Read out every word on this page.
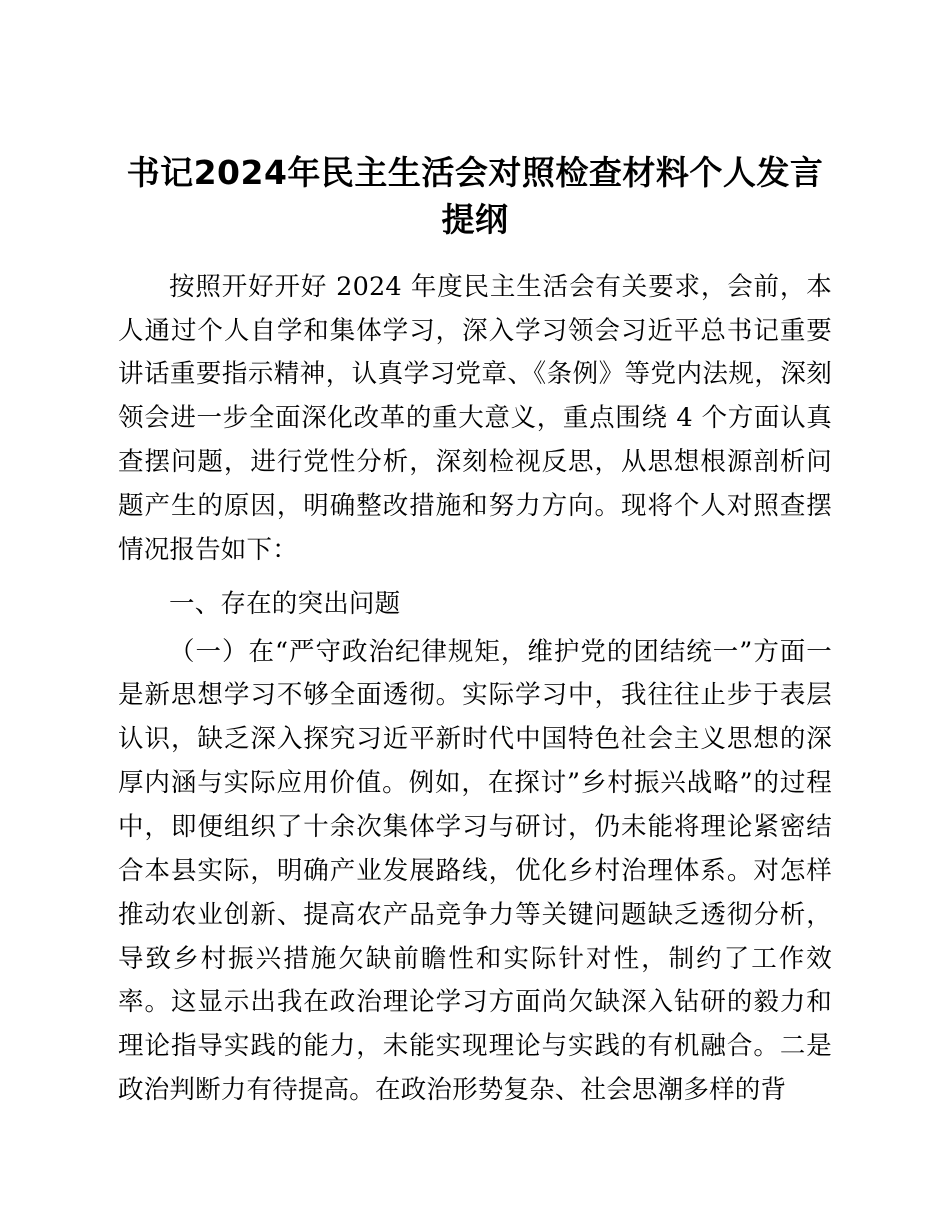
书记2024年民主生活会对照检查材料个人发言提纲

按照开好开好 2024 年度民主生活会有关要求，会前，本人通过个人自学和集体学习，深入学习领会习近平总书记重要讲话重要指示精神，认真学习党章、《条例》等党内法规，深刻领会进一步全面深化改革的重大意义，重点围绕 4 个方面认真查摆问题，进行党性分析，深刻检视反思，从思想根源剖析问题产生的原因，明确整改措施和努力方向。现将个人对照查摆情况报告如下：

一、存在的突出问题

（一）在“严守政治纪律规矩，维护党的团结统一”方面一是新思想学习不够全面透彻。实际学习中，我往往止步于表层认识，缺乏深入探究习近平新时代中国特色社会主义思想的深厚内涵与实际应用价值。例如，在探讨”乡村振兴战略”的过程中，即便组织了十余次集体学习与研讨，仍未能将理论紧密结合本县实际，明确产业发展路线，优化乡村治理体系。对怎样推动农业创新、提高农产品竞争力等关键问题缺乏透彻分析，导致乡村振兴措施欠缺前瞻性和实际针对性，制约了工作效率。这显示出我在政治理论学习方面尚欠缺深入钻研的毅力和理论指导实践的能力，未能实现理论与实践的有机融合。二是政治判断力有待提高。在政治形势复杂、社会思潮多样的背
